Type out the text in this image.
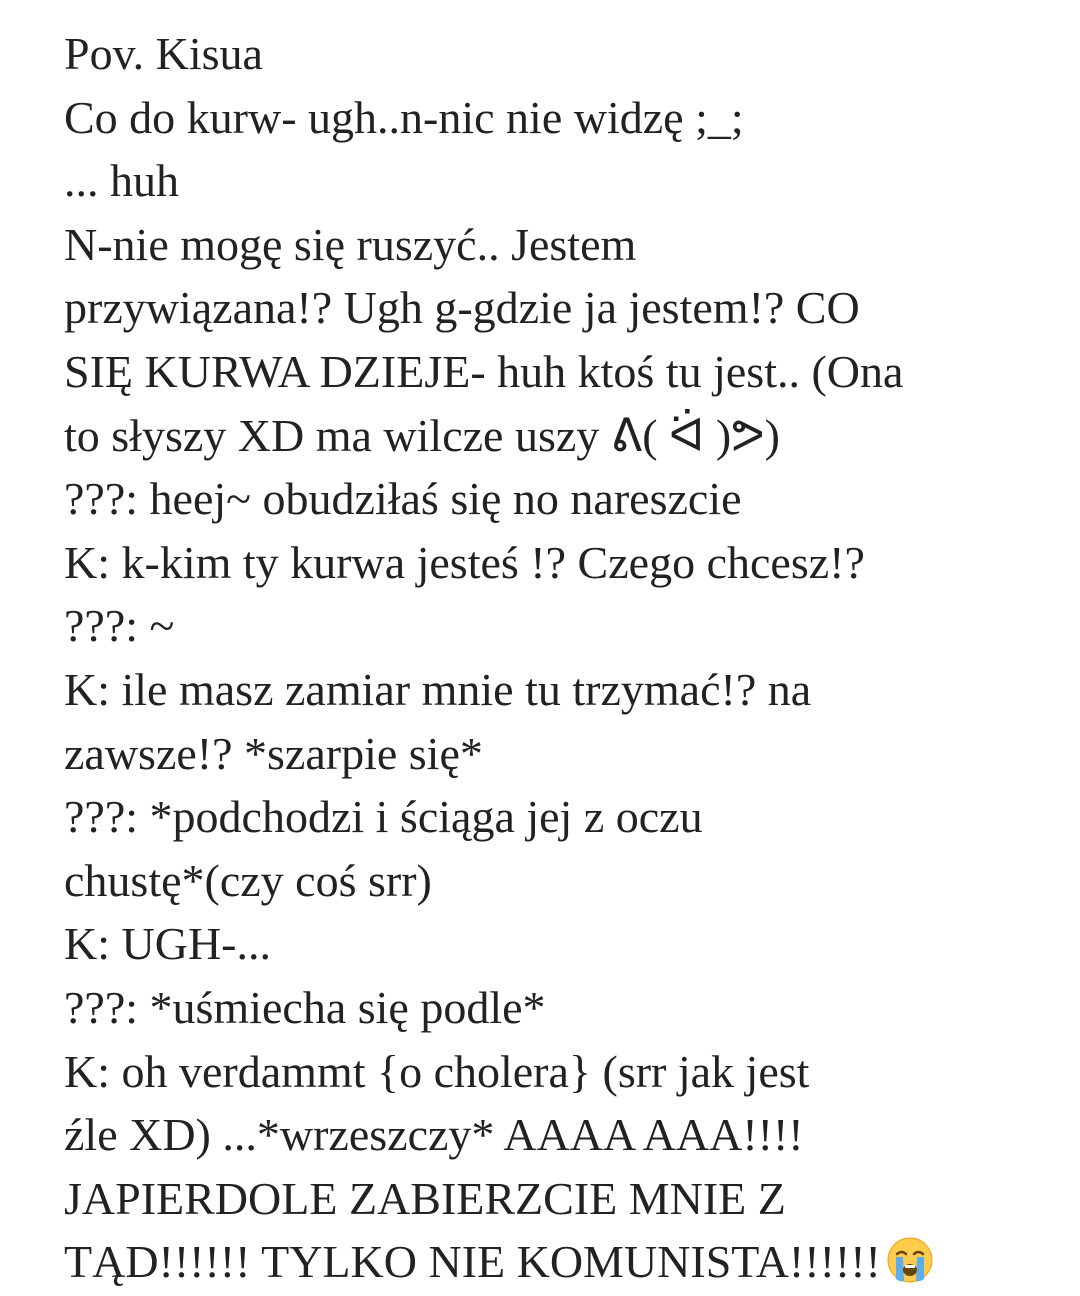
Pov. Kisua
Co do kurw- ugh..n-nic nie widzę ;_;
... huh
N-nie mogę się ruszyć.. Jestem
przywiązana!? Ugh g-gdzie ja jestem!? CO
SIĘ KURWA DZIEJE- huh ktoś tu jest.. (Ona
to słyszy XD ma wilcze uszy ᕕ( ᐛ )ᕗ)
???: heej~ obudziłaś się no nareszcie
K: k-kim ty kurwa jesteś !? Czego chcesz!?
???: ~
K: ile masz zamiar mnie tu trzymać!? na
zawsze!? *szarpie się*
???: *podchodzi i ściąga jej z oczu
chustę*(czy coś srr)
K: UGH-...
???: *uśmiecha się podle*
K: oh verdammt {o cholera} (srr jak jest
źle XD) ...*wrzeszczy* AAAA AAA!!!!
JAPIERDOLE ZABIERZCIE MNIE Z
TĄD!!!!!! TYLKO NIE KOMUNISTA!!!!!!
